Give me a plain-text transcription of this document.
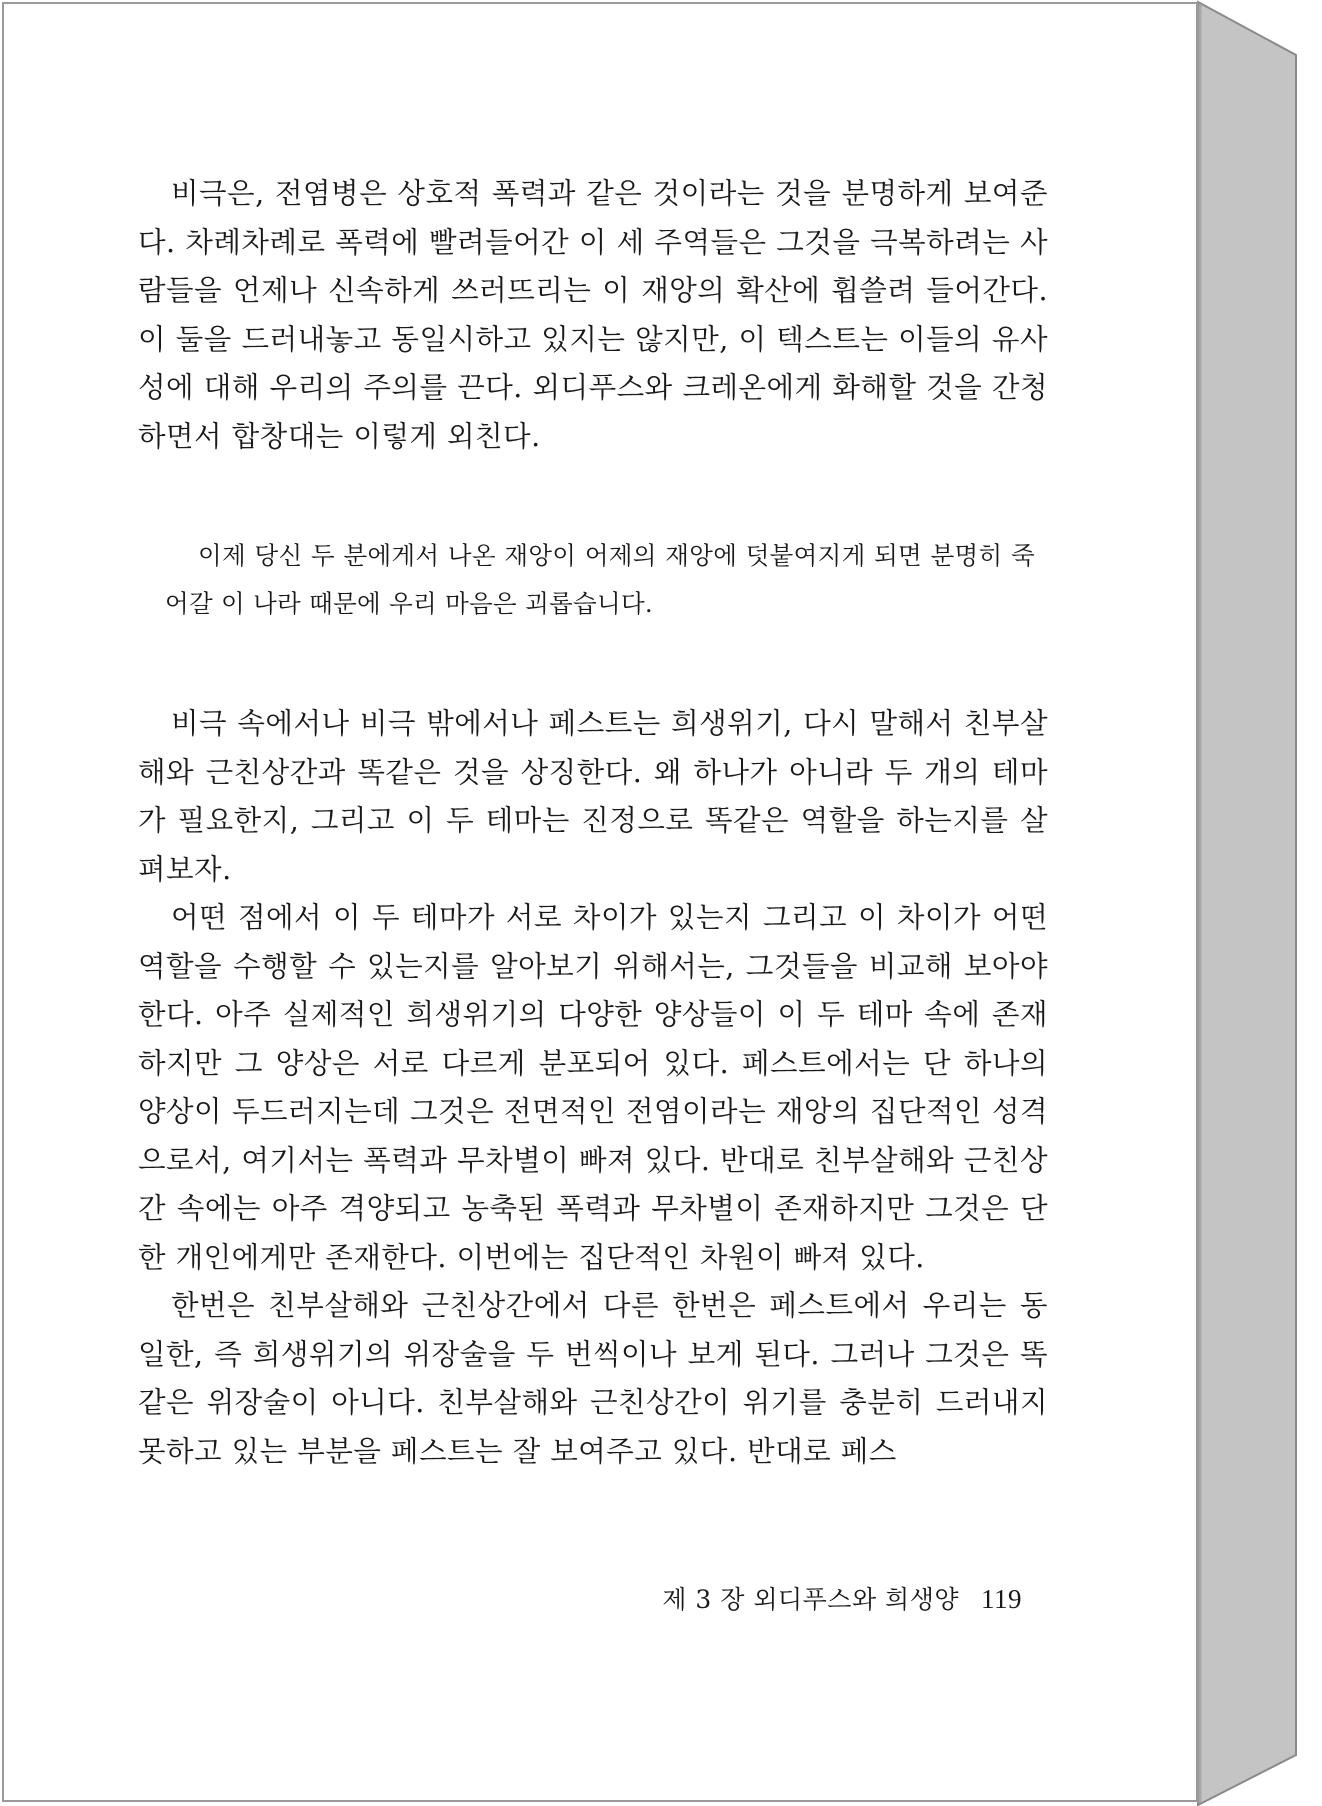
비극은, 전염병은 상호적 폭력과 같은 것이라는 것을 분명하게 보여준다. 차례차례로 폭력에 빨려들어간 이 세 주역들은 그것을 극복하려는 사람들을 언제나 신속하게 쓰러뜨리는 이 재앙의 확산에 휩쓸려 들어간다. 이 둘을 드러내놓고 동일시하고 있지는 않지만, 이 텍스트는 이들의 유사성에 대해 우리의 주의를 끈다. 외디푸스와 크레온에게 화해할 것을 간청하면서 합창대는 이렇게 외친다.

이제 당신 두 분에게서 나온 재앙이 어제의 재앙에 덧붙여지게 되면 분명히 죽어갈 이 나라 때문에 우리 마음은 괴롭습니다.

비극 속에서나 비극 밖에서나 페스트는 희생위기, 다시 말해서 친부살해와 근친상간과 똑같은 것을 상징한다. 왜 하나가 아니라 두 개의 테마가 필요한지, 그리고 이 두 테마는 진정으로 똑같은 역할을 하는지를 살펴보자.

어떤 점에서 이 두 테마가 서로 차이가 있는지 그리고 이 차이가 어떤 역할을 수행할 수 있는지를 알아보기 위해서는, 그것들을 비교해 보아야 한다. 아주 실제적인 희생위기의 다양한 양상들이 이 두 테마 속에 존재하지만 그 양상은 서로 다르게 분포되어 있다. 페스트에서는 단 하나의 양상이 두드러지는데 그것은 전면적인 전염이라는 재앙의 집단적인 성격으로서, 여기서는 폭력과 무차별이 빠져 있다. 반대로 친부살해와 근친상간 속에는 아주 격양되고 농축된 폭력과 무차별이 존재하지만 그것은 단 한 개인에게만 존재한다. 이번에는 집단적인 차원이 빠져 있다.

한번은 친부살해와 근친상간에서 다른 한번은 페스트에서 우리는 동일한, 즉 희생위기의 위장술을 두 번씩이나 보게 된다. 그러나 그것은 똑같은 위장술이 아니다. 친부살해와 근친상간이 위기를 충분히 드러내지 못하고 있는 부분을 페스트는 잘 보여주고 있다. 반대로 페스

제 3 장 외디푸스와 희생양 119
